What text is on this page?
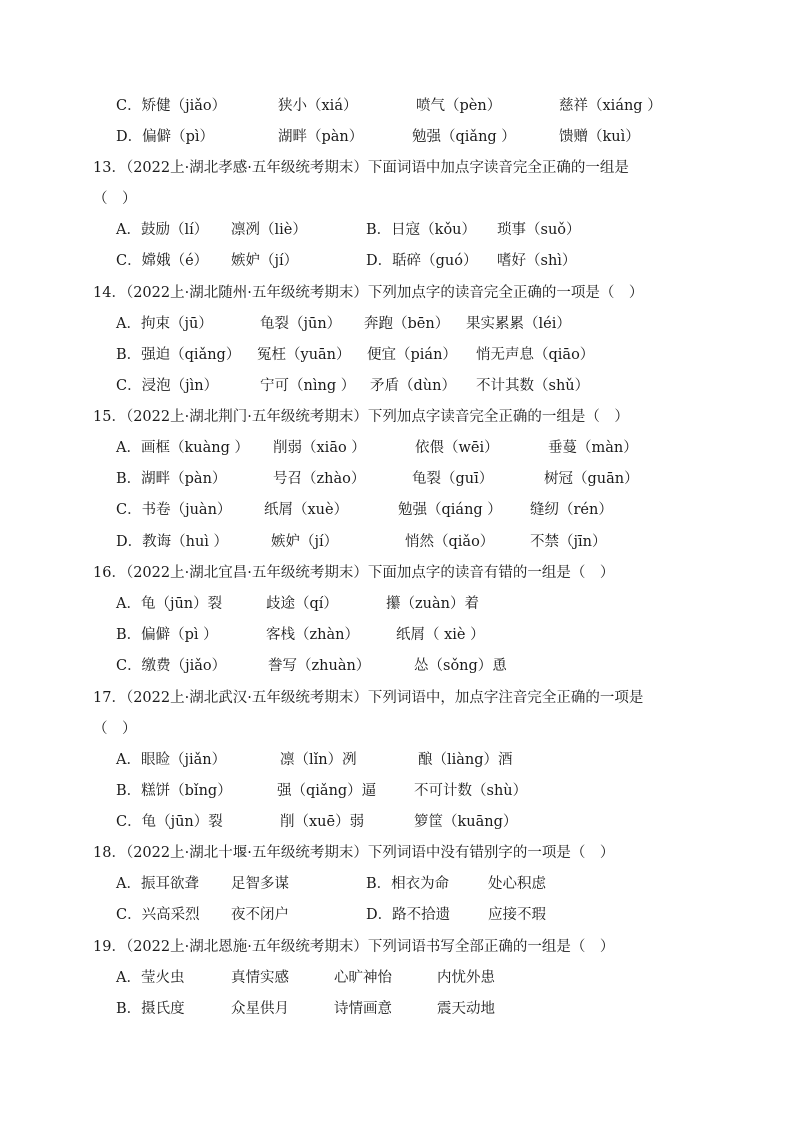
C．矫健（jiǎo）	狭小（xiá）	喷气（pèn）	慈祥（xiáng ）
D．偏僻（pì）	湖畔（pàn）	勉强（qiǎng ）	馈赠（kuì）
13．（2022上·湖北孝感·五年级统考期末）下面词语中加点字读音完全正确的一组是
（　）
A．鼓励（lí） 凛冽（liè）	B．日寇（kǒu） 琐事（suǒ）
C．嫦娥（é） 嫉妒（jí）	D．聒碎（guó） 嗜好（shì）
14．（2022上·湖北随州·五年级统考期末）下列加点字的读音完全正确的一项是（　）
A．拘束（jū）	龟裂（jūn） 奔跑（bēn） 果实累累（léi）
B．强迫（qiǎng） 冤枉（yuān） 便宜（pián） 悄无声息（qiāo）
C．浸泡（jìn）	宁可（nìng ） 矛盾（dùn） 不计其数（shǔ）
15．（2022上·湖北荆门·五年级统考期末）下列加点字读音完全正确的一组是（　）
A．画框（kuàng ） 削弱（xiāo ）	依偎（wēi）	垂蔓（màn）
B．湖畔（pàn）	号召（zhào）	龟裂（guī）	树冠（guān）
C．书卷（juàn） 纸屑（xuè）	勉强（qiáng ） 缝纫（rén）
D．教诲（huì ）	嫉妒（jí）	悄然（qiǎo） 不禁（jīn）
16．（2022上·湖北宜昌·五年级统考期末）下面加点字的读音有错的一组是（　）
A．龟（jūn）裂	歧途（qí）	攥（zuàn）着
B．偏僻（pì ）	客栈（zhàn）	纸屑（ xiè ）
C．缴费（jiǎo）	誊写（zhuàn）	怂（sǒng）恿
17．（2022上·湖北武汉·五年级统考期末）下列词语中，加点字注音完全正确的一项是
（　）
A．眼睑（jiǎn）	凛（lǐn）冽	酿（liàng）酒
B．糕饼（bǐng）	强（qiǎng）逼	不可计数（shù）
C．龟（jūn）裂	削（xuē）弱	箩筐（kuāng）
18．（2022上·湖北十堰·五年级统考期末）下列词语中没有错别字的一项是（　）
A．振耳欲聋 足智多谋	B．相衣为命	处心积虑
C．兴高采烈 夜不闭户	D．路不拾遗	应接不瑕
19．（2022上·湖北恩施·五年级统考期末）下列词语书写全部正确的一组是（　）
A．莹火虫	真情实感	心旷神怡	内忧外患
B．摄氏度	众星供月	诗情画意	震天动地
